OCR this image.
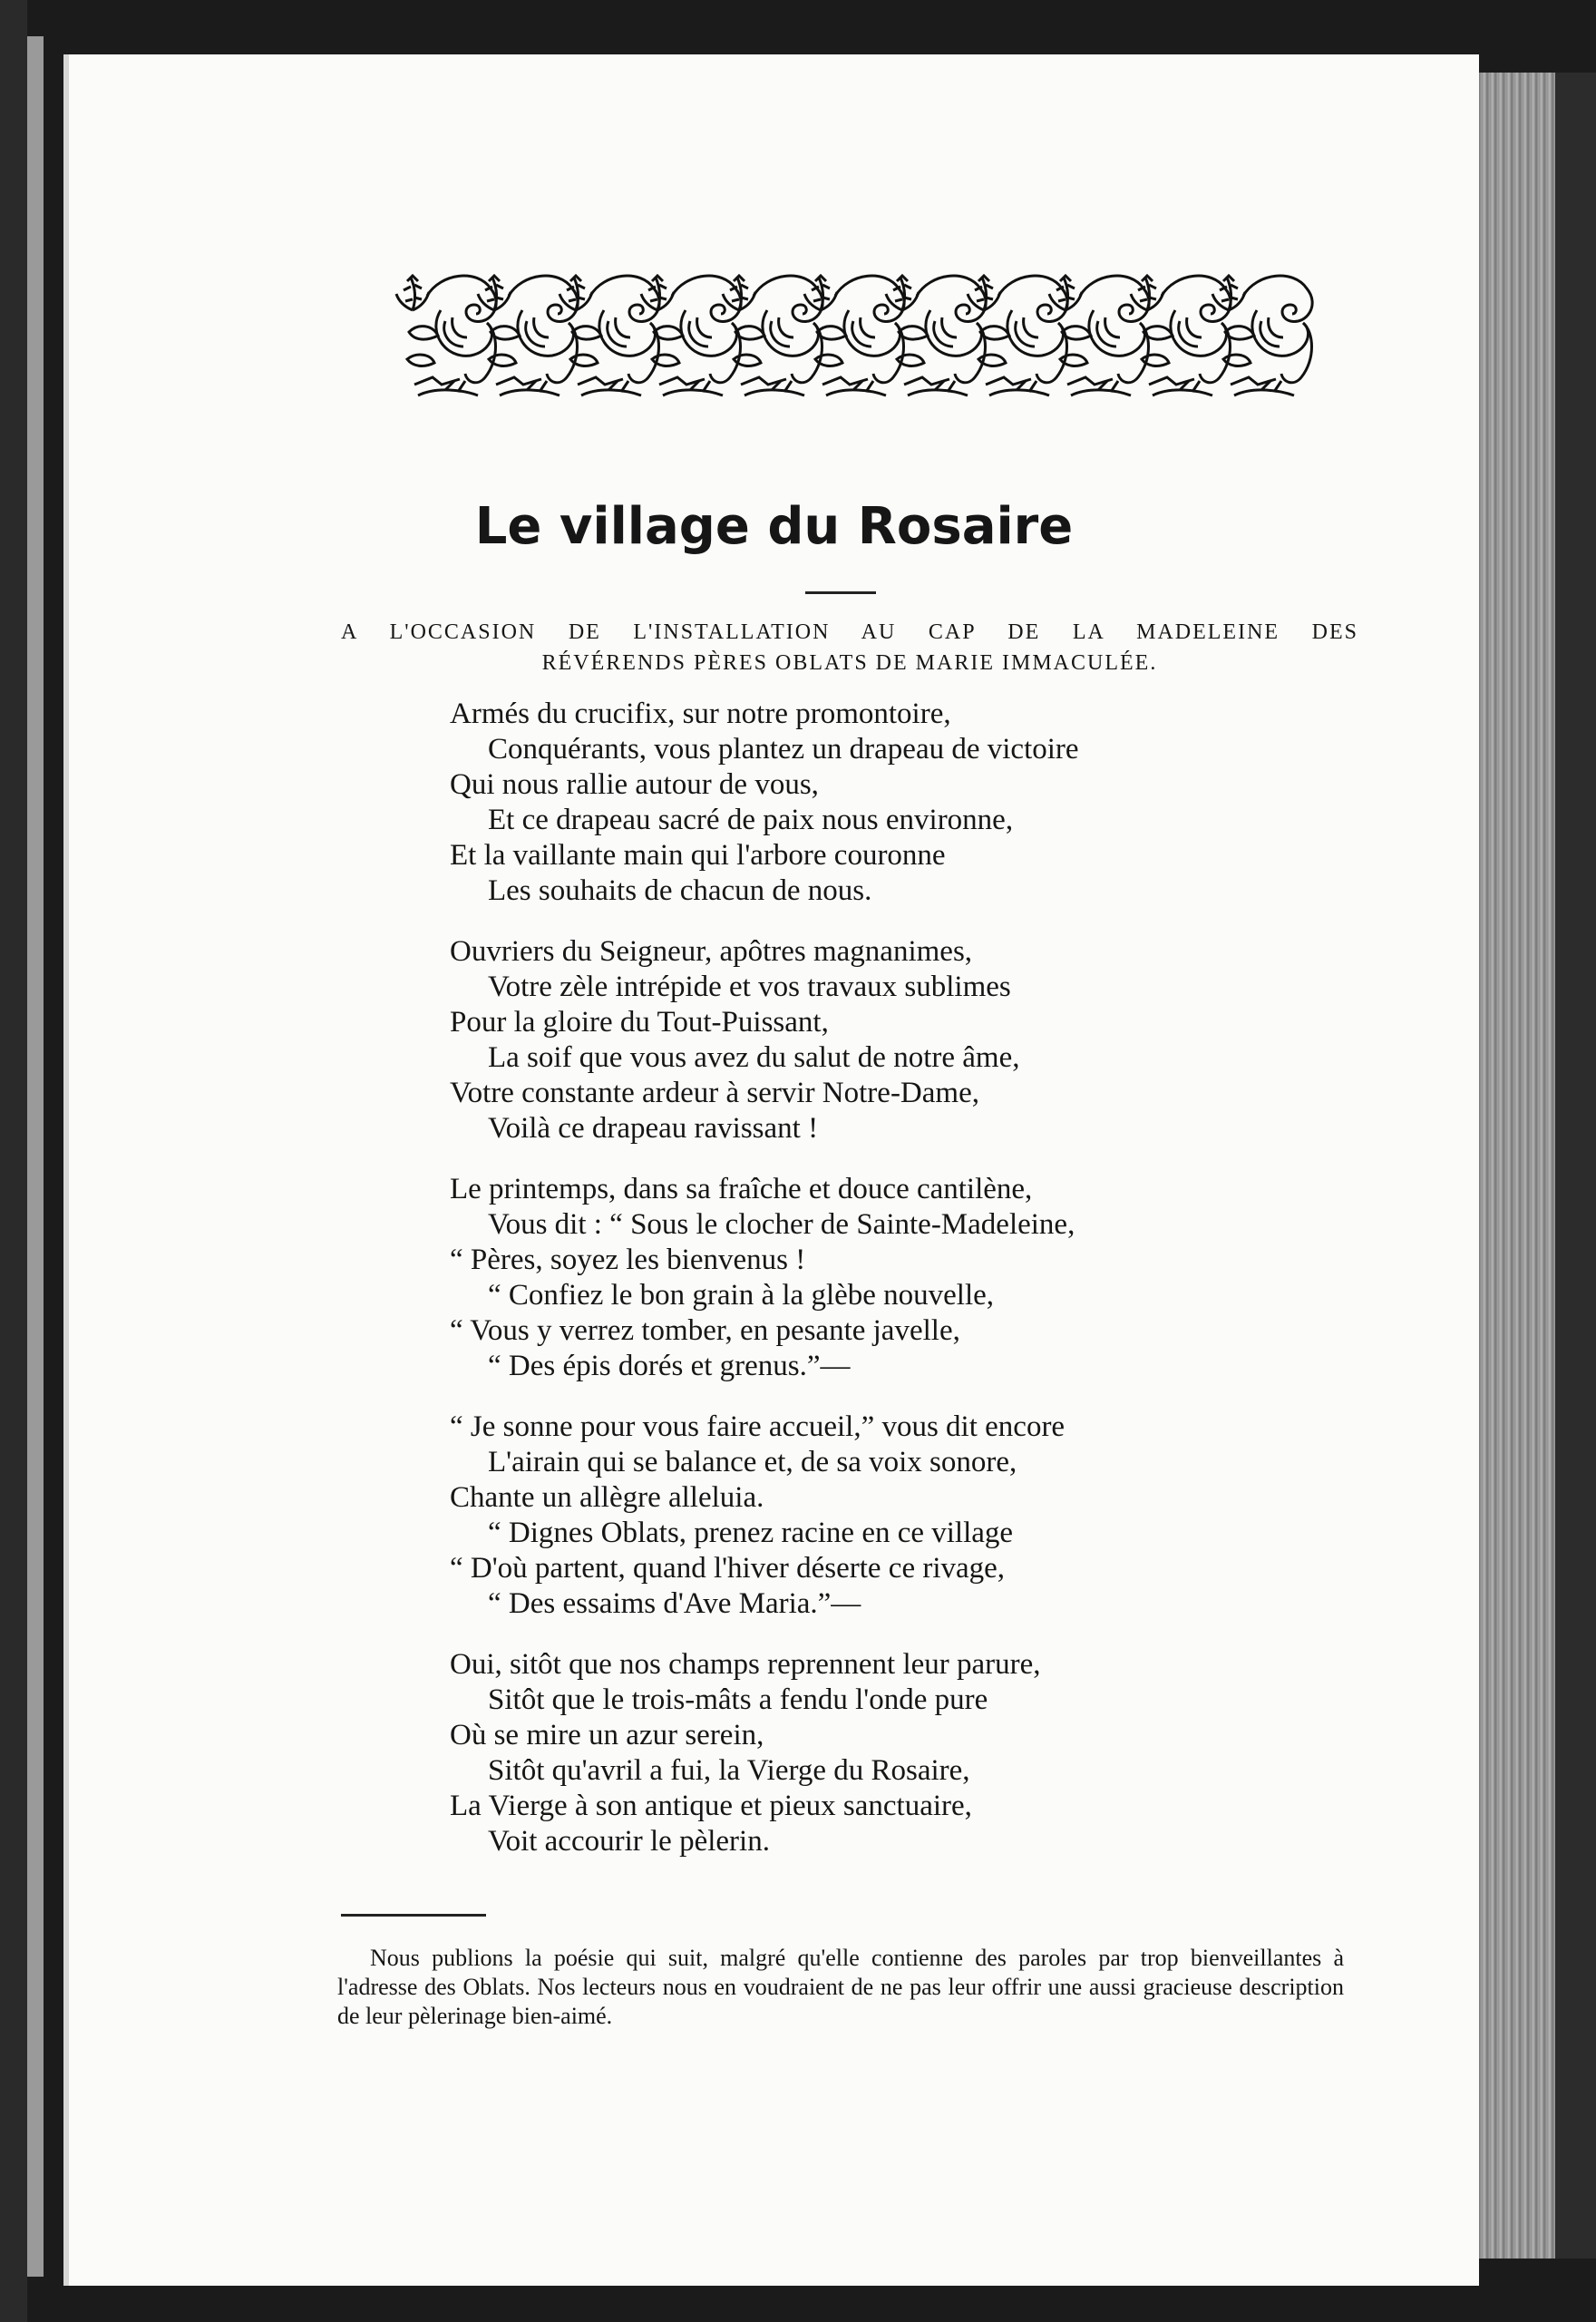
Le village du Rosaire

A L'OCCASION DE L'INSTALLATION AU CAP DE LA MADELEINE DES
RÉVÉRENDS PÈRES OBLATS DE MARIE IMMACULÉE.

Armés du crucifix, sur notre promontoire,
Conquérants, vous plantez un drapeau de victoire
Qui nous rallie autour de vous,
Et ce drapeau sacré de paix nous environne,
Et la vaillante main qui l'arbore couronne
Les souhaits de chacun de nous.
Ouvriers du Seigneur, apôtres magnanimes,
Votre zèle intrépide et vos travaux sublimes
Pour la gloire du Tout-Puissant,
La soif que vous avez du salut de notre âme,
Votre constante ardeur à servir Notre-Dame,
Voilà ce drapeau ravissant !
Le printemps, dans sa fraîche et douce cantilène,
Vous dit : “ Sous le clocher de Sainte-Madeleine,
“ Pères, soyez les bienvenus !
“ Confiez le bon grain à la glèbe nouvelle,
“ Vous y verrez tomber, en pesante javelle,
“ Des épis dorés et grenus.”—
“ Je sonne pour vous faire accueil,” vous dit encore
L'airain qui se balance et, de sa voix sonore,
Chante un allègre alleluia.
“ Dignes Oblats, prenez racine en ce village
“ D'où partent, quand l'hiver déserte ce rivage,
“ Des essaims d'Ave Maria.”—
Oui, sitôt que nos champs reprennent leur parure,
Sitôt que le trois-mâts a fendu l'onde pure
Où se mire un azur serein,
Sitôt qu'avril a fui, la Vierge du Rosaire,
La Vierge à son antique et pieux sanctuaire,
Voit accourir le pèlerin.

Nous publions la poésie qui suit, malgré qu'elle contienne des paroles par trop bienveillantes à l'adresse des Oblats. Nos lecteurs nous en voudraient de ne pas leur offrir une aussi gracieuse description de leur pèlerinage bien-aimé.
